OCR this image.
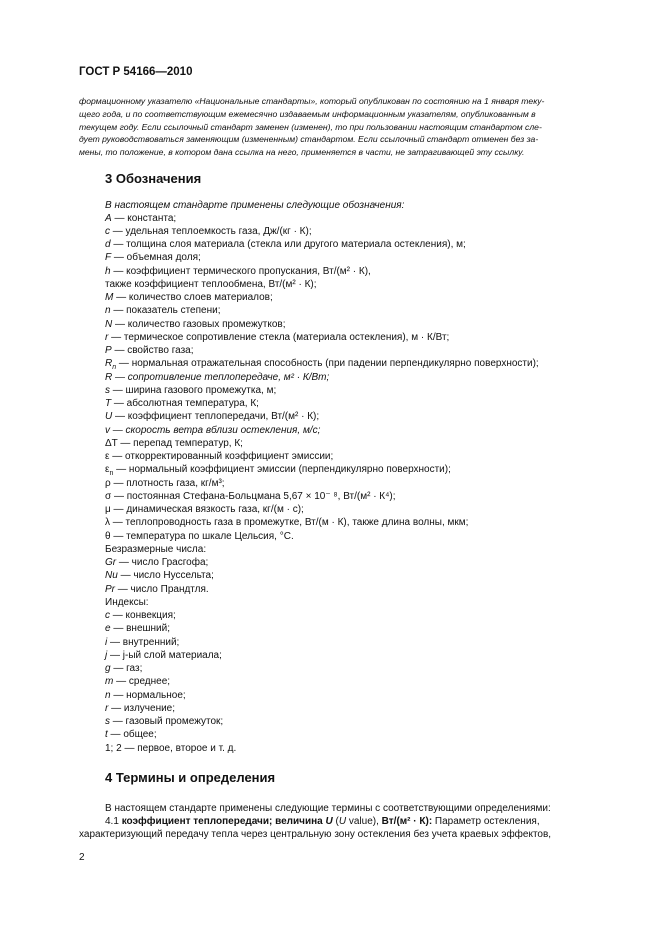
ГОСТ Р 54166—2010

формационному указателю «Национальные стандарты», который опубликован по состоянию на 1 января теку-

щего года, и по соответствующим ежемесячно издаваемым информационным указателям, опубликованным в

текущем году. Если ссылочный стандарт заменен (изменен), то при пользовании настоящим стандартом сле-

дует руководствоваться заменяющим (измененным) стандартом. Если ссылочный стандарт отменен без за-

мены, то положение, в котором дана ссылка на него, применяется в части, не затрагивающей эту ссылку.

3 Обозначения
В настоящем стандарте применены следующие обозначения:
A — константа;
c — удельная теплоемкость газа, Дж/(кг · К);
d — толщина слоя материала (стекла или другого материала остекления), м;
F — объемная доля;
h — коэффициент термического пропускания, Вт/(м² · К),
также коэффициент теплообмена, Вт/(м² · К);
M — количество слоев материалов;
n — показатель степени;
N — количество газовых промежутков;
r — термическое сопротивление стекла (материала остекления), м · К/Вт;
P — свойство газа;
$R_n$ — нормальная отражательная способность (при падении перпендикулярно поверхности);
R — сопротивление теплопередаче, м² · К/Вт;
s — ширина газового промежутка, м;
T — абсолютная температура, К;
U — коэффициент теплопередачи, Вт/(м² · К);
v — скорость ветра вблизи остекления, м/с;
ΔT — перепад температур, К;
ε — откорректированный коэффициент эмиссии;
$\varepsilon_n$ — нормальный коэффициент эмиссии (перпендикулярно поверхности);
ρ — плотность газа, кг/м³;
σ — постоянная Стефана-Больцмана 5,67 × 10⁻ ⁸, Вт/(м² · К⁴);
μ — динамическая вязкость газа, кг/(м · с);
λ — теплопроводность газа в промежутке, Вт/(м · К), также длина волны, мкм;
θ — температура по шкале Цельсия, °С.
Безразмерные числа:
Gr — число Грасгофа;
Nu — число Нуссельта;
Pr — число Прандтля.
Индексы:
c — конвекция;
e — внешний;
i — внутренний;
j — j-ый слой материала;
g — газ;
m — среднее;
n — нормальное;
r — излучение;
s — газовый промежуток;
t — общее;
1; 2 — первое, второе и т. д.
4 Термины и определения
В настоящем стандарте применены следующие термины с соответствующими определениями:
4.1 коэффициент теплопередачи; величина U (U value), Вт/(м² · К): Параметр остекления,
характеризующий передачу тепла через центральную зону остекления без учета краевых эффектов,
2
